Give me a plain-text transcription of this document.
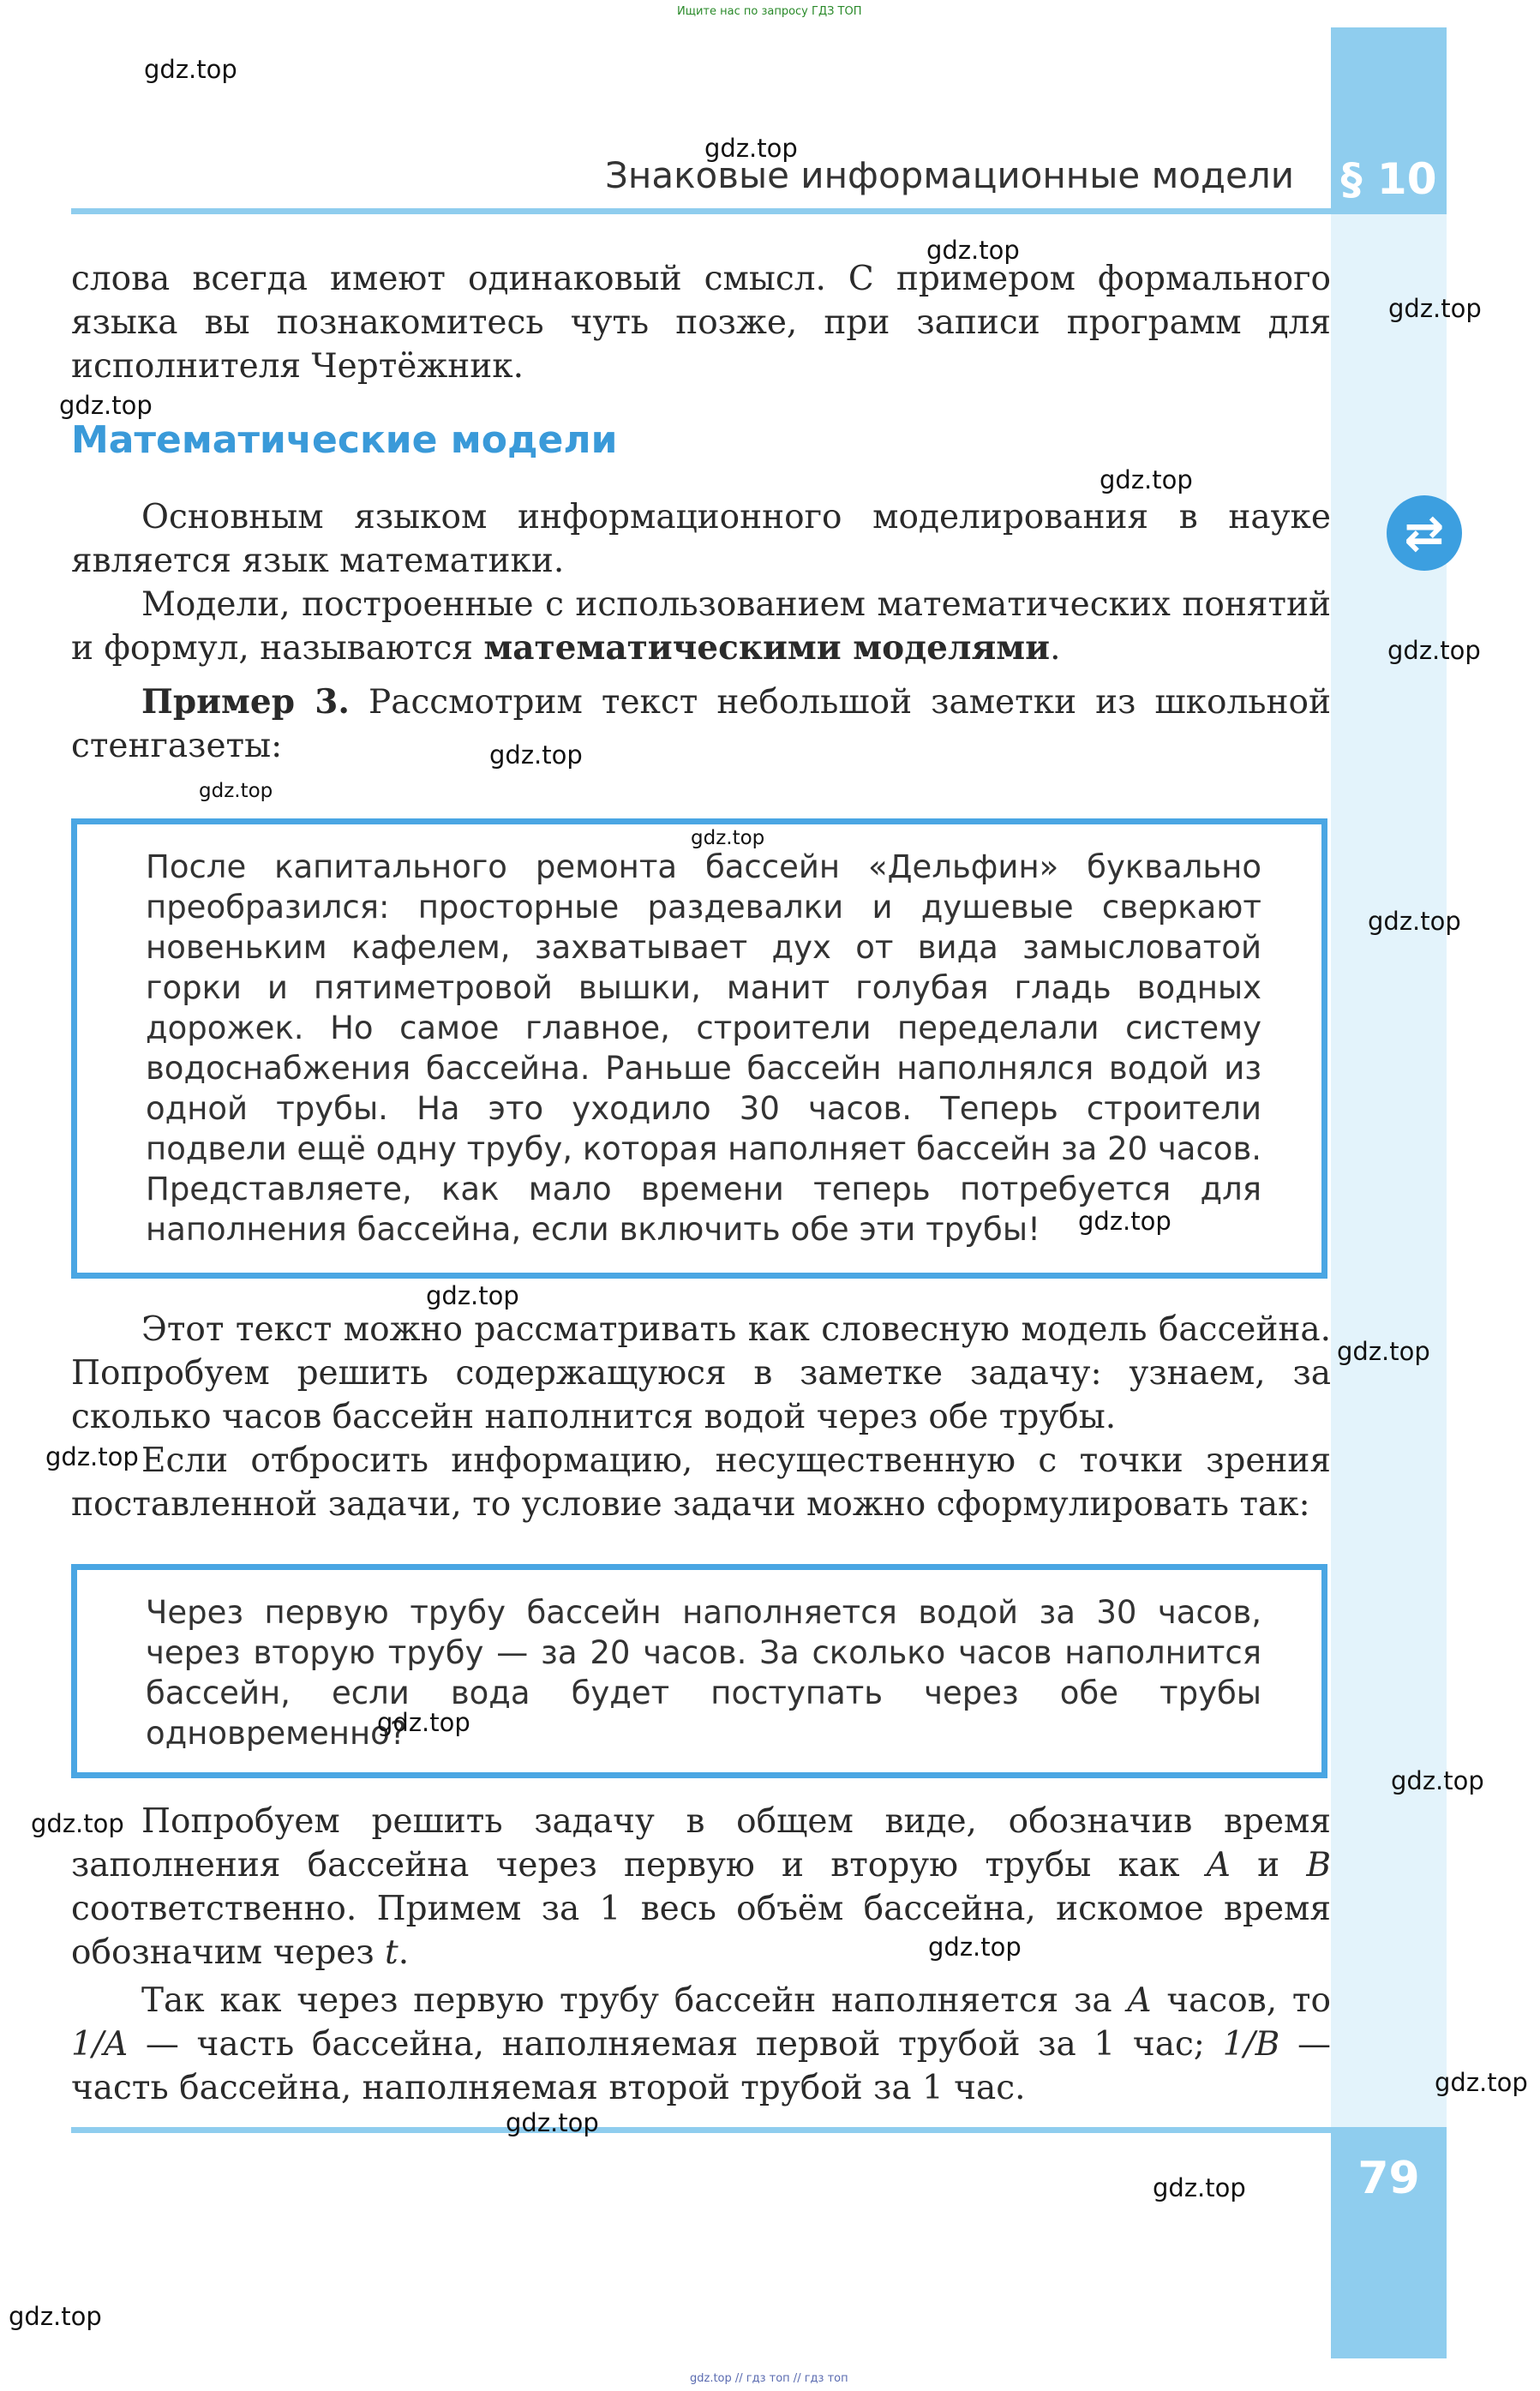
Ищите нас по запросу ГДЗ ТОП
§ 10
79
Знаковые информационные модели
⇄

слова всегда имеют одинаковый смысл. С примером формального языка вы познакомитесь чуть позже, при записи программ для исполнителя Чертёжник.

Математические модели

Основным языком информационного моделирования в науке является язык математики.

Модели, построенные с использованием математических понятий и формул, называются математическими моделями.

Пример 3. Рассмотрим текст небольшой заметки из школьной стенгазеты:

После капитального ремонта бассейн «Дельфин» буквально преобразился: просторные раздевалки и душевые сверкают новеньким кафелем, захватывает дух от вида замысловатой горки и пятиметровой вышки, манит голубая гладь водных дорожек. Но самое главное, строители переделали систему водоснабжения бассейна. Раньше бассейн наполнялся водой из одной трубы. На это уходило 30 часов. Теперь строители подвели ещё одну трубу, которая наполняет бассейн за 20 часов. Представляете, как мало времени теперь потребуется для наполнения бассейна, если включить обе эти трубы!

Этот текст можно рассматривать как словесную модель бассейна. Попробуем решить содержащуюся в заметке задачу: узнаем, за сколько часов бассейн наполнится водой через обе трубы.

Если отбросить информацию, несущественную с точки зрения поставленной задачи, то условие задачи можно сформулировать так:

Через первую трубу бассейн наполняется водой за 30 часов, через вторую трубу — за 20 часов. За сколько часов наполнится бассейн, если вода будет поступать через обе трубы одновременно?

Попробуем решить задачу в общем виде, обозначив время заполнения бассейна через первую и вторую трубы как A и B соответственно. Примем за 1 весь объём бассейна, искомое время обозначим через t.

Так как через первую трубу бассейн наполняется за A часов, то 1/A — часть бассейна, наполняемая первой трубой за 1 час; 1/B — часть бассейна, наполняемая второй трубой за 1 час.

gdz.top
gdz.top
gdz.top
gdz.top
gdz.top
gdz.top
gdz.top
gdz.top
gdz.top
gdz.top
gdz.top
gdz.top
gdz.top
gdz.top
gdz.top
gdz.top
gdz.top
gdz.top
gdz.top
gdz.top
gdz.top
gdz.top
gdz.top
gdz.top // гдз топ // гдз топ
